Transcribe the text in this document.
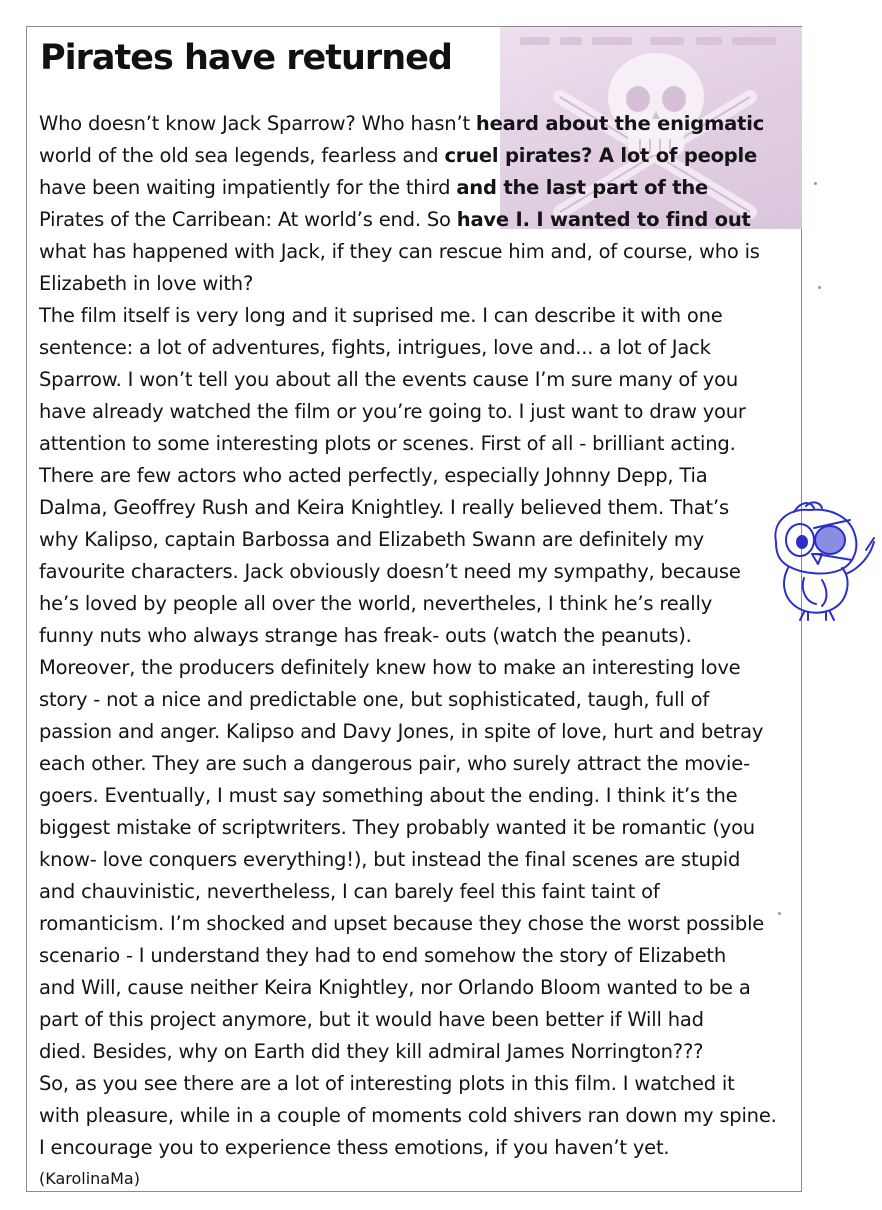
Pirates have returned
Who doesn’t know Jack Sparrow? Who hasn’t heard about the enigmatic
world of the old sea legends, fearless and cruel pirates? A lot of people
have been waiting impatiently for the third and the last part of the
Pirates of the Carribean: At world’s end. So have I. I wanted to find out
what has happened with Jack, if they can rescue him and, of course, who is
Elizabeth in love with?
The film itself is very long and it suprised me. I can describe it with one
sentence: a lot of adventures, fights, intrigues, love and... a lot of Jack
Sparrow. I won’t tell you about all the events cause I’m sure many of you
have already watched the film or you’re going to. I just want to draw your
attention to some interesting plots or scenes. First of all - brilliant acting.
There are few actors who acted perfectly, especially Johnny Depp, Tia
Dalma, Geoffrey Rush and Keira Knightley. I really believed them. That’s
why Kalipso, captain Barbossa and Elizabeth Swann are definitely my
favourite characters. Jack obviously doesn’t need my sympathy, because
he’s loved by people all over the world, nevertheles, I think he’s really
funny nuts who always strange has freak- outs (watch the peanuts).
Moreover, the producers definitely knew how to make an interesting love
story - not a nice and predictable one, but sophisticated, taugh, full of
passion and anger. Kalipso and Davy Jones, in spite of love, hurt and betray
each other. They are such a dangerous pair, who surely attract the movie-
goers. Eventually, I must say something about the ending. I think it’s the
biggest mistake of scriptwriters. They probably wanted it be romantic (you
know- love conquers everything!), but instead the final scenes are stupid
and chauvinistic, nevertheless, I can barely feel this faint taint of
romanticism. I’m shocked and upset because they chose the worst possible
scenario - I understand they had to end somehow the story of Elizabeth
and Will, cause neither Keira Knightley, nor Orlando Bloom wanted to be a
part of this project anymore, but it would have been better if Will had
died. Besides, why on Earth did they kill admiral James Norrington???
So, as you see there are a lot of interesting plots in this film. I watched it
with pleasure, while in a couple of moments cold shivers ran down my spine.
I encourage you to experience thess emotions, if you haven’t yet.
(KarolinaMa)
